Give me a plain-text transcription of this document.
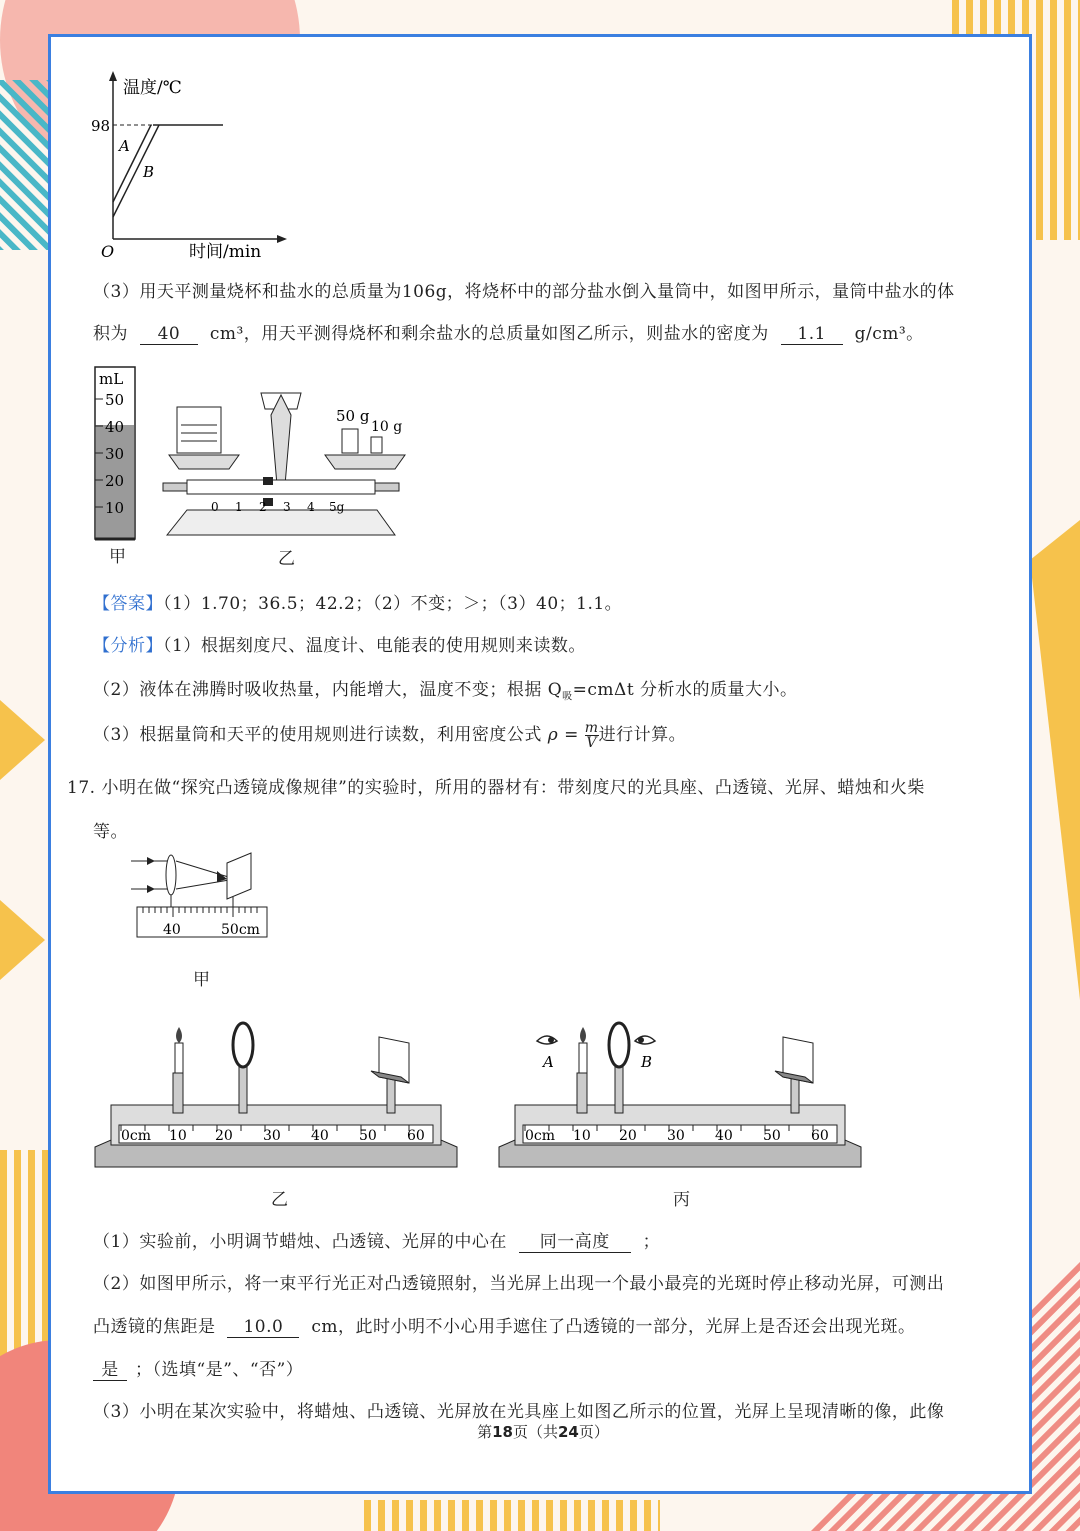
温度/℃
98
A
B
O	时间/min
（3）用天平测量烧杯和盐水的总质量为106g，将烧杯中的部分盐水倒入量筒中，如图甲所示，量筒中盐水的体
积为 40 cm³，用天平测得烧杯和剩余盐水的总质量如图乙所示，则盐水的密度为 1.1 g/cm³。
mL
50
40
30
20
10
甲
50 g
10 g
0 1 2 3 4 5g
乙
【答案】（1）1.70；36.5；42.2；（2）不变；＞；（3）40；1.1。
【分析】（1）根据刻度尺、温度计、电能表的使用规则来读数。
（2）液体在沸腾时吸收热量，内能增大，温度不变；根据 $Q_吸=cm\Delta t$ 分析水的质量大小。
（3）根据量筒和天平的使用规则进行读数，利用密度公式 $\rho = \frac{m}{V}$ 进行计算。
17. 小明在做“探究凸透镜成像规律”的实验时，所用的器材有：带刻度尺的光具座、凸透镜、光屏、蜡烛和火柴
等。
40	50cm
甲
0cm 10 20 30 40 50 60
乙
A	B
0cm 10 20 30 40 50 60
丙
（1）实验前，小明调节蜡烛、凸透镜、光屏的中心在 同一高度 ；
（2）如图甲所示，将一束平行光正对凸透镜照射，当光屏上出现一个最小最亮的光斑时停止移动光屏，可测出
凸透镜的焦距是 10.0 cm，此时小明不小心用手遮住了凸透镜的一部分，光屏上是否还会出现光斑。
是 ；（选填“是”、“否”）
（3）小明在某次实验中，将蜡烛、凸透镜、光屏放在光具座上如图乙所示的位置，光屏上呈现清晰的像，此像
第18页（共24页）
